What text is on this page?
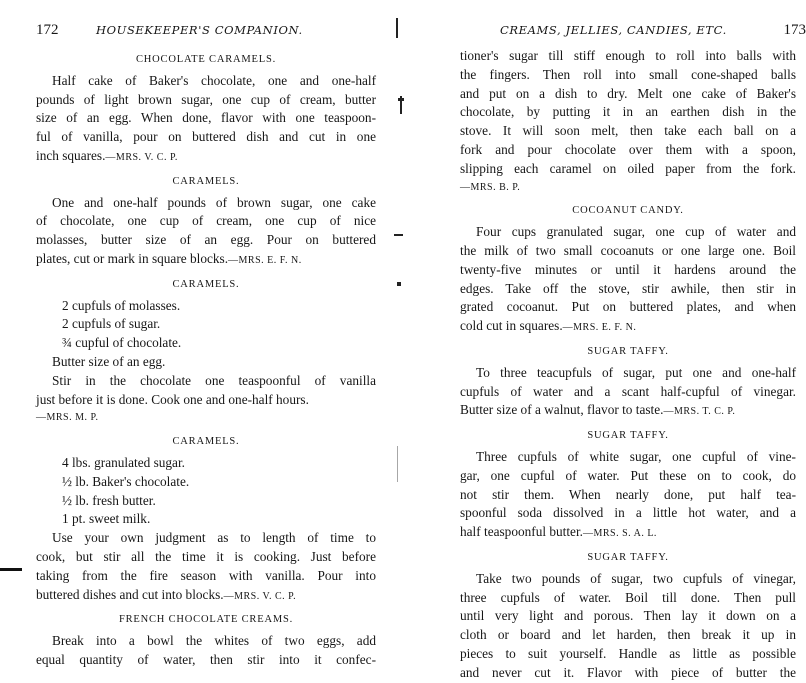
172	HOUSEKEEPER'S COMPANION.
CHOCOLATE CARAMELS.
Half cake of Baker's chocolate, one and one-half
pounds of light brown sugar, one cup of cream, butter
size of an egg. When done, flavor with one teaspoon-
ful of vanilla, pour on buttered dish and cut in one
inch squares.—MRS. V. C. P.
CARAMELS.
One and one-half pounds of brown sugar, one cake
of chocolate, one cup of cream, one cup of nice
molasses, butter size of an egg. Pour on buttered
plates, cut or mark in square blocks.—MRS. E. F. N.
CARAMELS.
2 cupfuls of molasses.
2 cupfuls of sugar.
¾ cupful of chocolate.
Butter size of an egg.
Stir in the chocolate one teaspoonful of vanilla
just before it is done. Cook one and one-half hours.
—MRS. M. P.
CARAMELS.
4 lbs. granulated sugar.
½ lb. Baker's chocolate.
½ lb. fresh butter.
1 pt. sweet milk.
Use your own judgment as to length of time to
cook, but stir all the time it is cooking. Just before
taking from the fire season with vanilla. Pour into
buttered dishes and cut into blocks.—MRS. V. C. P.
FRENCH CHOCOLATE CREAMS.
Break into a bowl the whites of two eggs, add
equal quantity of water, then stir into it confec-
CREAMS, JELLIES, CANDIES, ETC.	173
tioner's sugar till stiff enough to roll into balls with
the fingers. Then roll into small cone-shaped balls
and put on a dish to dry. Melt one cake of Baker's
chocolate, by putting it in an earthen dish in the
stove. It will soon melt, then take each ball on a
fork and pour chocolate over them with a spoon,
slipping each caramel on oiled paper from the fork.
—MRS. B. P.
COCOANUT CANDY.
Four cups granulated sugar, one cup of water and
the milk of two small cocoanuts or one large one. Boil
twenty-five minutes or until it hardens around the
edges. Take off the stove, stir awhile, then stir in
grated cocoanut. Put on buttered plates, and when
cold cut in squares.—MRS. E. F. N.
SUGAR TAFFY.
To three teacupfuls of sugar, put one and one-half
cupfuls of water and a scant half-cupful of vinegar.
Butter size of a walnut, flavor to taste.—MRS. T. C. P.
SUGAR TAFFY.
Three cupfuls of white sugar, one cupful of vine-
gar, one cupful of water. Put these on to cook, do
not stir them. When nearly done, put half tea-
spoonful soda dissolved in a little hot water, and a
half teaspoonful butter.—MRS. S. A. L.
SUGAR TAFFY.
Take two pounds of sugar, two cupfuls of vinegar,
three cupfuls of water. Boil till done. Then pull
until very light and porous. Then lay it down on a
cloth or board and let harden, then break it up in
pieces to suit yourself. Handle as little as possible
and never cut it. Flavor with piece of butter the
